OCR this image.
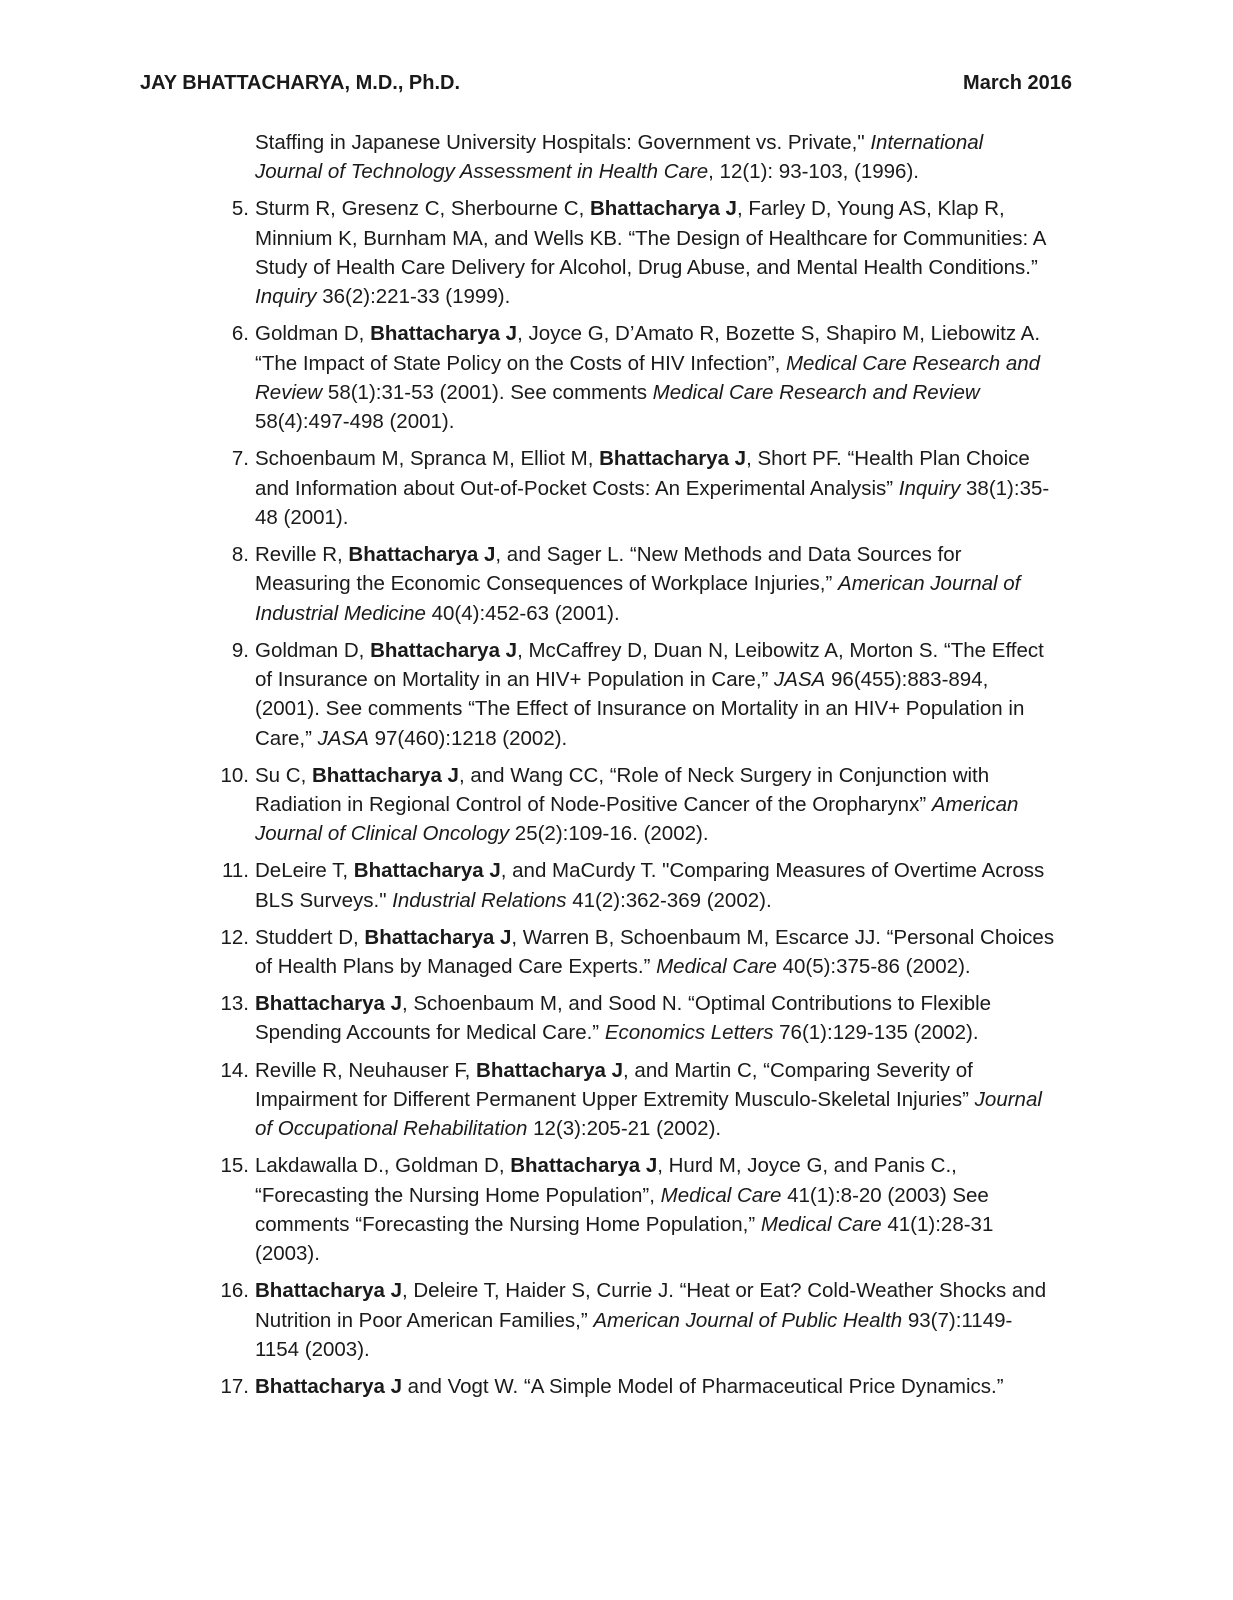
JAY BHATTACHARYA, M.D., Ph.D.	March 2016
Staffing in Japanese University Hospitals: Government vs. Private," International Journal of Technology Assessment in Health Care, 12(1): 93-103, (1996).
5. Sturm R, Gresenz C, Sherbourne C, Bhattacharya J, Farley D, Young AS, Klap R, Minnium K, Burnham MA, and Wells KB. “The Design of Healthcare for Communities: A Study of Health Care Delivery for Alcohol, Drug Abuse, and Mental Health Conditions.” Inquiry 36(2):221-33 (1999).
6. Goldman D, Bhattacharya J, Joyce G, D’Amato R, Bozette S, Shapiro M, Liebowitz A. “The Impact of State Policy on the Costs of HIV Infection”, Medical Care Research and Review 58(1):31-53 (2001). See comments Medical Care Research and Review 58(4):497-498 (2001).
7. Schoenbaum M, Spranca M, Elliot M, Bhattacharya J, Short PF. “Health Plan Choice and Information about Out-of-Pocket Costs: An Experimental Analysis” Inquiry 38(1):35-48 (2001).
8. Reville R, Bhattacharya J, and Sager L. “New Methods and Data Sources for Measuring the Economic Consequences of Workplace Injuries,” American Journal of Industrial Medicine 40(4):452-63 (2001).
9. Goldman D, Bhattacharya J, McCaffrey D, Duan N, Leibowitz A, Morton S. “The Effect of Insurance on Mortality in an HIV+ Population in Care,” JASA 96(455):883-894, (2001). See comments “The Effect of Insurance on Mortality in an HIV+ Population in Care,” JASA 97(460):1218 (2002).
10. Su C, Bhattacharya J, and Wang CC, “Role of Neck Surgery in Conjunction with Radiation in Regional Control of Node-Positive Cancer of the Oropharynx” American Journal of Clinical Oncology 25(2):109-16. (2002).
11. DeLeire T, Bhattacharya J, and MaCurdy T. "Comparing Measures of Overtime Across BLS Surveys." Industrial Relations 41(2):362-369 (2002).
12. Studdert D, Bhattacharya J, Warren B, Schoenbaum M, Escarce JJ. “Personal Choices of Health Plans by Managed Care Experts.” Medical Care 40(5):375-86 (2002).
13. Bhattacharya J, Schoenbaum M, and Sood N. “Optimal Contributions to Flexible Spending Accounts for Medical Care.” Economics Letters 76(1):129-135 (2002).
14. Reville R, Neuhauser F, Bhattacharya J, and Martin C, “Comparing Severity of Impairment for Different Permanent Upper Extremity Musculo-Skeletal Injuries” Journal of Occupational Rehabilitation 12(3):205-21 (2002).
15. Lakdawalla D., Goldman D, Bhattacharya J, Hurd M, Joyce G, and Panis C., “Forecasting the Nursing Home Population”, Medical Care 41(1):8-20 (2003) See comments “Forecasting the Nursing Home Population,” Medical Care 41(1):28-31 (2003).
16. Bhattacharya J, Deleire T, Haider S, Currie J. “Heat or Eat? Cold-Weather Shocks and Nutrition in Poor American Families,” American Journal of Public Health 93(7):1149-1154 (2003).
17. Bhattacharya J and Vogt W. “A Simple Model of Pharmaceutical Price Dynamics.”
